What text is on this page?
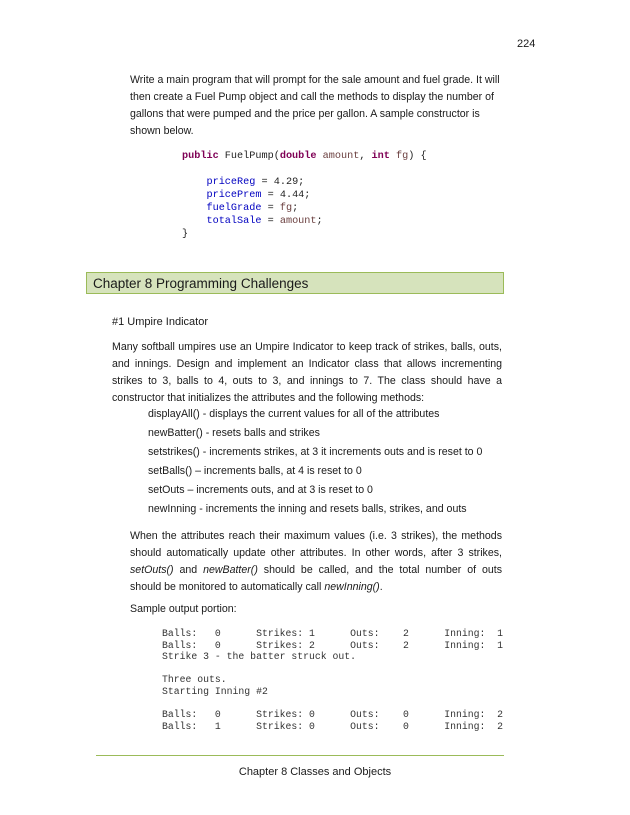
224

Write a main program that will prompt for the sale amount and fuel grade. It will then create a Fuel Pump object and call the methods to display the number of gallons that were pumped and the price per gallon. A sample constructor is shown below.

public FuelPump(double amount, int fg) {

priceReg = 4.29;
pricePrem = 4.44;
fuelGrade = fg;
totalSale = amount;
}
Chapter 8 Programming Challenges
#1 Umpire Indicator

Many softball umpires use an Umpire Indicator to keep track of strikes, balls, outs, and innings. Design and implement an Indicator class that allows incrementing strikes to 3, balls to 4, outs to 3, and innings to 7. The class should have a constructor that initializes the attributes and the following methods:

displayAll() - displays the current values for all of the attributes
newBatter() - resets balls and strikes
setstrikes() - increments strikes, at 3 it increments outs and is reset to 0
setBalls() – increments balls, at 4 is reset to 0
setOuts – increments outs, and at 3 is reset to 0
newInning - increments the inning and resets balls, strikes, and outs

When the attributes reach their maximum values (i.e. 3 strikes), the methods should automatically update other attributes. In other words, after 3 strikes, setOuts() and newBatter() should be called, and the total number of outs should be monitored to automatically call newInning().

Sample output portion:
Balls:   0      Strikes: 1      Outs:    2      Inning:  1
Balls:   0      Strikes: 2      Outs:    2      Inning:  1
Strike 3 - the batter struck out.
Three outs.
Starting Inning #2
Balls:   0      Strikes: 0      Outs:    0      Inning:  2
Balls:   1      Strikes: 0      Outs:    0      Inning:  2
Chapter 8 Classes and Objects
